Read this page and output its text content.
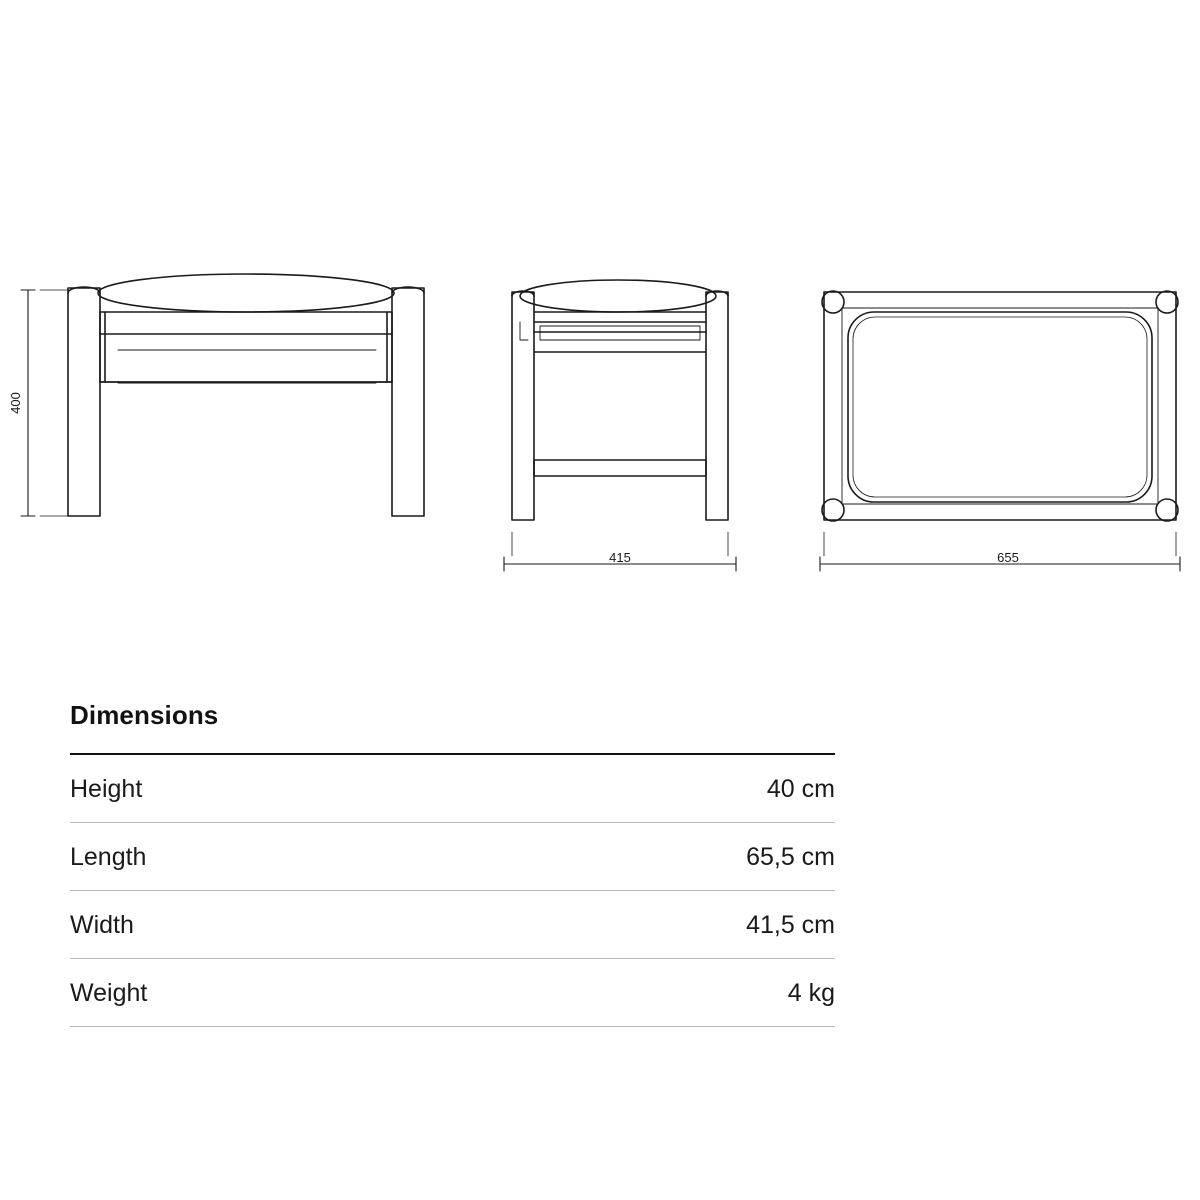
400
415	655
Dimensions

Height	40 cm
Length	65,5 cm
Width	41,5 cm
Weight	4 kg
